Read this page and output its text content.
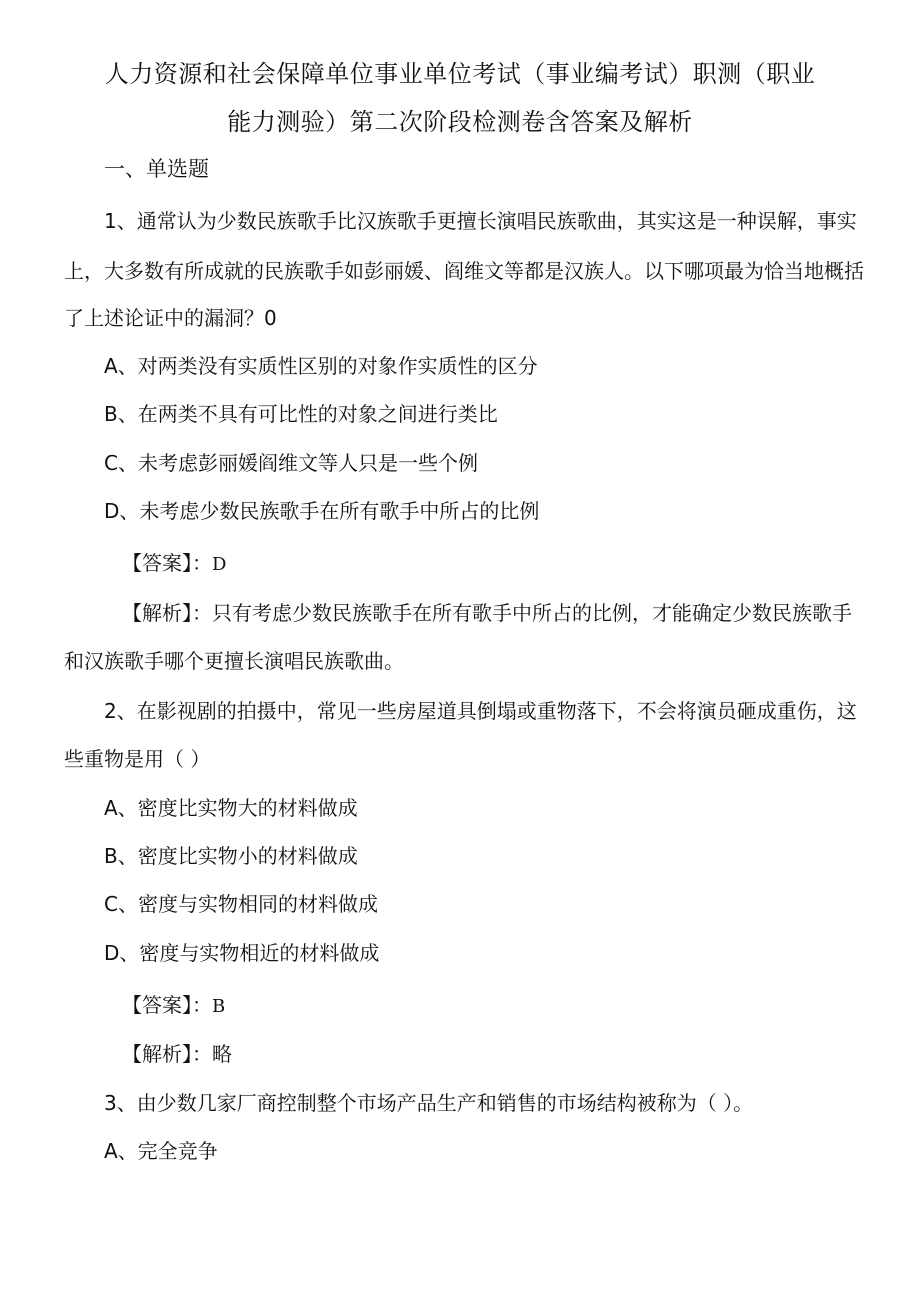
人力资源和社会保障单位事业单位考试（事业编考试）职测（职业
能力测验）第二次阶段检测卷含答案及解析
一、单选题
1、通常认为少数民族歌手比汉族歌手更擅长演唱民族歌曲，其实这是一种误解，事实
上，大多数有所成就的民族歌手如彭丽媛、阎维文等都是汉族人。以下哪项最为恰当地概括
了上述论证中的漏洞？0
A、对两类没有实质性区别的对象作实质性的区分
B、在两类不具有可比性的对象之间进行类比
C、未考虑彭丽媛阎维文等人只是一些个例
D、未考虑少数民族歌手在所有歌手中所占的比例
【答案】：D
【解析】：只有考虑少数民族歌手在所有歌手中所占的比例，才能确定少数民族歌手
和汉族歌手哪个更擅长演唱民族歌曲。
2、在影视剧的拍摄中，常见一些房屋道具倒塌或重物落下，不会将演员砸成重伤，这
些重物是用（ ）
A、密度比实物大的材料做成
B、密度比实物小的材料做成
C、密度与实物相同的材料做成
D、密度与实物相近的材料做成
【答案】：B
【解析】：略
3、由少数几家厂商控制整个市场产品生产和销售的市场结构被称为（ ）。
A、完全竞争
